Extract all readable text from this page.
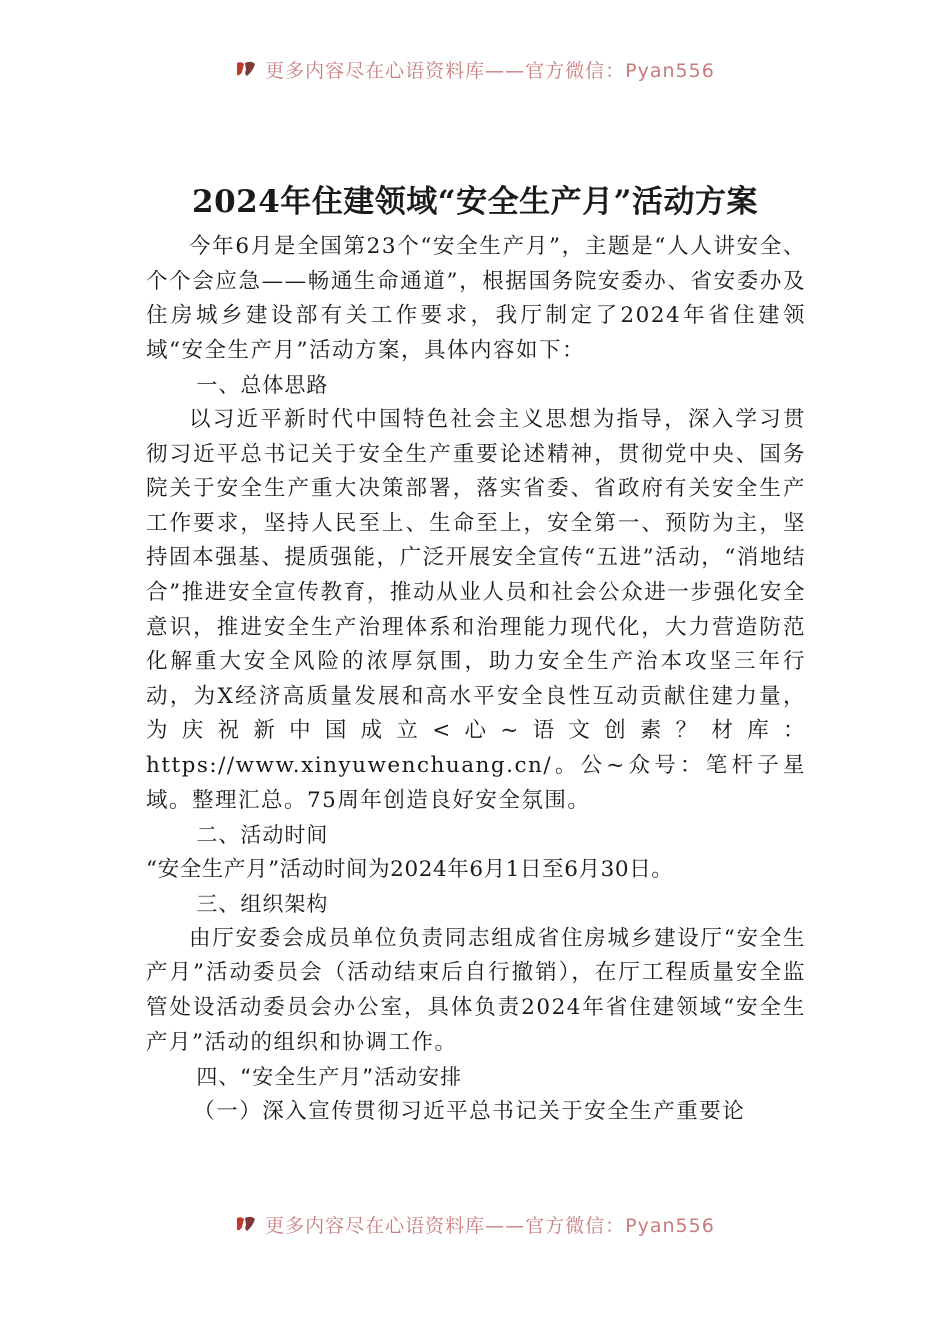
更多内容尽在心语资料库——官方微信：Pyan556
2024年住建领域“安全生产月”活动方案

今年6月是全国第23个“安全生产月”，主题是“人人讲安全、个个会应急——畅通生命通道”，根据国务院安委办、省安委办及住房城乡建设部有关工作要求，我厅制定了2024年省住建领域“安全生产月”活动方案，具体内容如下：

一、总体思路

以习近平新时代中国特色社会主义思想为指导，深入学习贯彻习近平总书记关于安全生产重要论述精神，贯彻党中央、国务院关于安全生产重大决策部署，落实省委、省政府有关安全生产工作要求，坚持人民至上、生命至上，安全第一、预防为主，坚持固本强基、提质强能，广泛开展安全宣传“五进”活动，“消地结合”推进安全宣传教育，推动从业人员和社会公众进一步强化安全意识，推进安全生产治理体系和治理能力现代化，大力营造防范化解重大安全风险的浓厚氛围，助力安全生产治本攻坚三年行动，为X经济高质量发展和高水平安全良性互动贡献住建力量，为庆祝新中国成立<心~语文创素？材库：https://www.xinyuwenchuang.cn/。公~众号：笔杆子星域。整理汇总。75周年创造良好安全氛围。

二、活动时间

“安全生产月”活动时间为2024年6月1日至6月30日。

三、组织架构

由厅安委会成员单位负责同志组成省住房城乡建设厅“安全生产月”活动委员会（活动结束后自行撤销），在厅工程质量安全监管处设活动委员会办公室，具体负责2024年省住建领域“安全生产月”活动的组织和协调工作。

四、“安全生产月”活动安排

（一）深入宣传贯彻习近平总书记关于安全生产重要论

更多内容尽在心语资料库——官方微信：Pyan556
